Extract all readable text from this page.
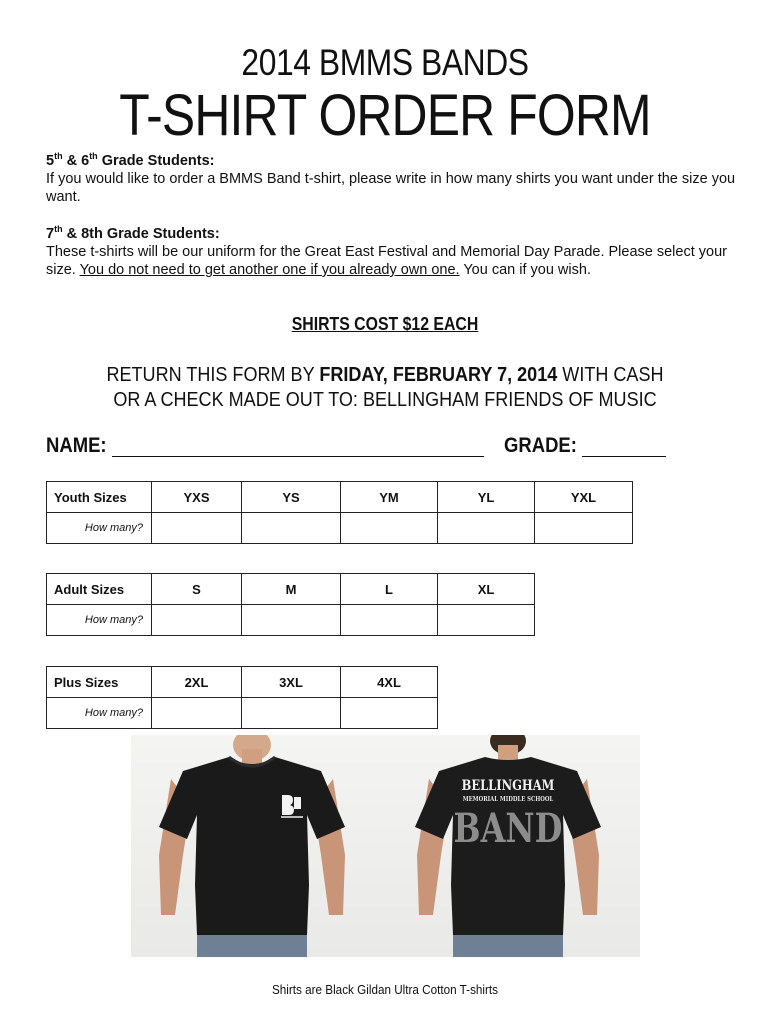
2014 BMMS BANDS
T-SHIRT ORDER FORM
5th & 6th Grade Students:
If you would like to order a BMMS Band t-shirt, please write in how many shirts you want under the size you want.
7th & 8th Grade Students:
These t-shirts will be our uniform for the Great East Festival and Memorial Day Parade. Please select your size. You do not need to get another one if you already own one. You can if you wish.
SHIRTS COST $12 EACH
RETURN THIS FORM BY FRIDAY, FEBRUARY 7, 2014 WITH CASH
OR A CHECK MADE OUT TO: BELLINGHAM FRIENDS OF MUSIC
NAME:	GRADE:
Youth Sizes	YXS	YS	YM	YL	YXL
How many?					
Adult Sizes	S	M	L	XL
How many?				
Plus Sizes	2XL	3XL	4XL
How many?			
BELLINGHAM
MEMORIAL MIDDLE SCHOOL
BAND
Shirts are Black Gildan Ultra Cotton T-shirts
